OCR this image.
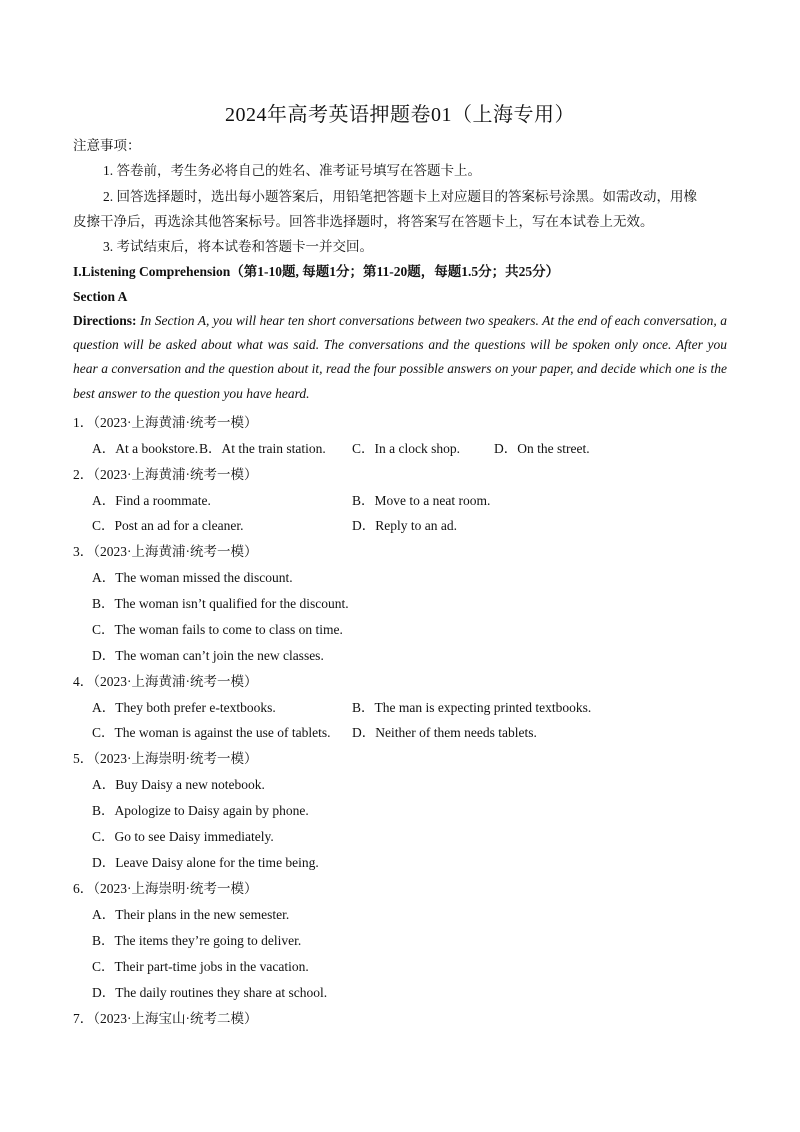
2024年高考英语押题卷01（上海专用）
注意事项：
1. 答卷前，考生务必将自己的姓名、准考证号填写在答题卡上。
2. 回答选择题时，选出每小题答案后，用铅笔把答题卡上对应题目的答案标号涂黑。如需改动，用橡
皮擦干净后，再选涂其他答案标号。回答非选择题时，将答案写在答题卡上，写在本试卷上无效。
3. 考试结束后，将本试卷和答题卡一并交回。
I.Listening Comprehension（第1-10题, 每题1分；第11-20题，每题1.5分；共25分）
Section A
Directions: In Section A, you will hear ten short conversations between two speakers. At the end of each conversation, a question will be asked about what was said. The conversations and the questions will be spoken only once. After you hear a conversation and the question about it, read the four possible answers on your paper, and decide which one is the best answer to the question you have heard.
1．（2023·上海黄浦·统考一模）
A．At a bookstore. B．At the train station. C．In a clock shop.	D．On the street.
2．（2023·上海黄浦·统考一模）
A．Find a roommate.	B．Move to a neat room.
C．Post an ad for a cleaner.	D．Reply to an ad.
3．（2023·上海黄浦·统考一模）
A．The woman missed the discount.
B．The woman isn’t qualified for the discount.
C．The woman fails to come to class on time.
D．The woman can’t join the new classes.
4．（2023·上海黄浦·统考一模）
A．They both prefer e-textbooks.	B．The man is expecting printed textbooks.
C．The woman is against the use of tablets. D．Neither of them needs tablets.
5．（2023·上海崇明·统考一模）
A．Buy Daisy a new notebook.
B．Apologize to Daisy again by phone.
C．Go to see Daisy immediately.
D．Leave Daisy alone for the time being.
6．（2023·上海崇明·统考一模）
A．Their plans in the new semester.
B．The items they’re going to deliver.
C．Their part-time jobs in the vacation.
D．The daily routines they share at school.
7．（2023·上海宝山·统考二模）
